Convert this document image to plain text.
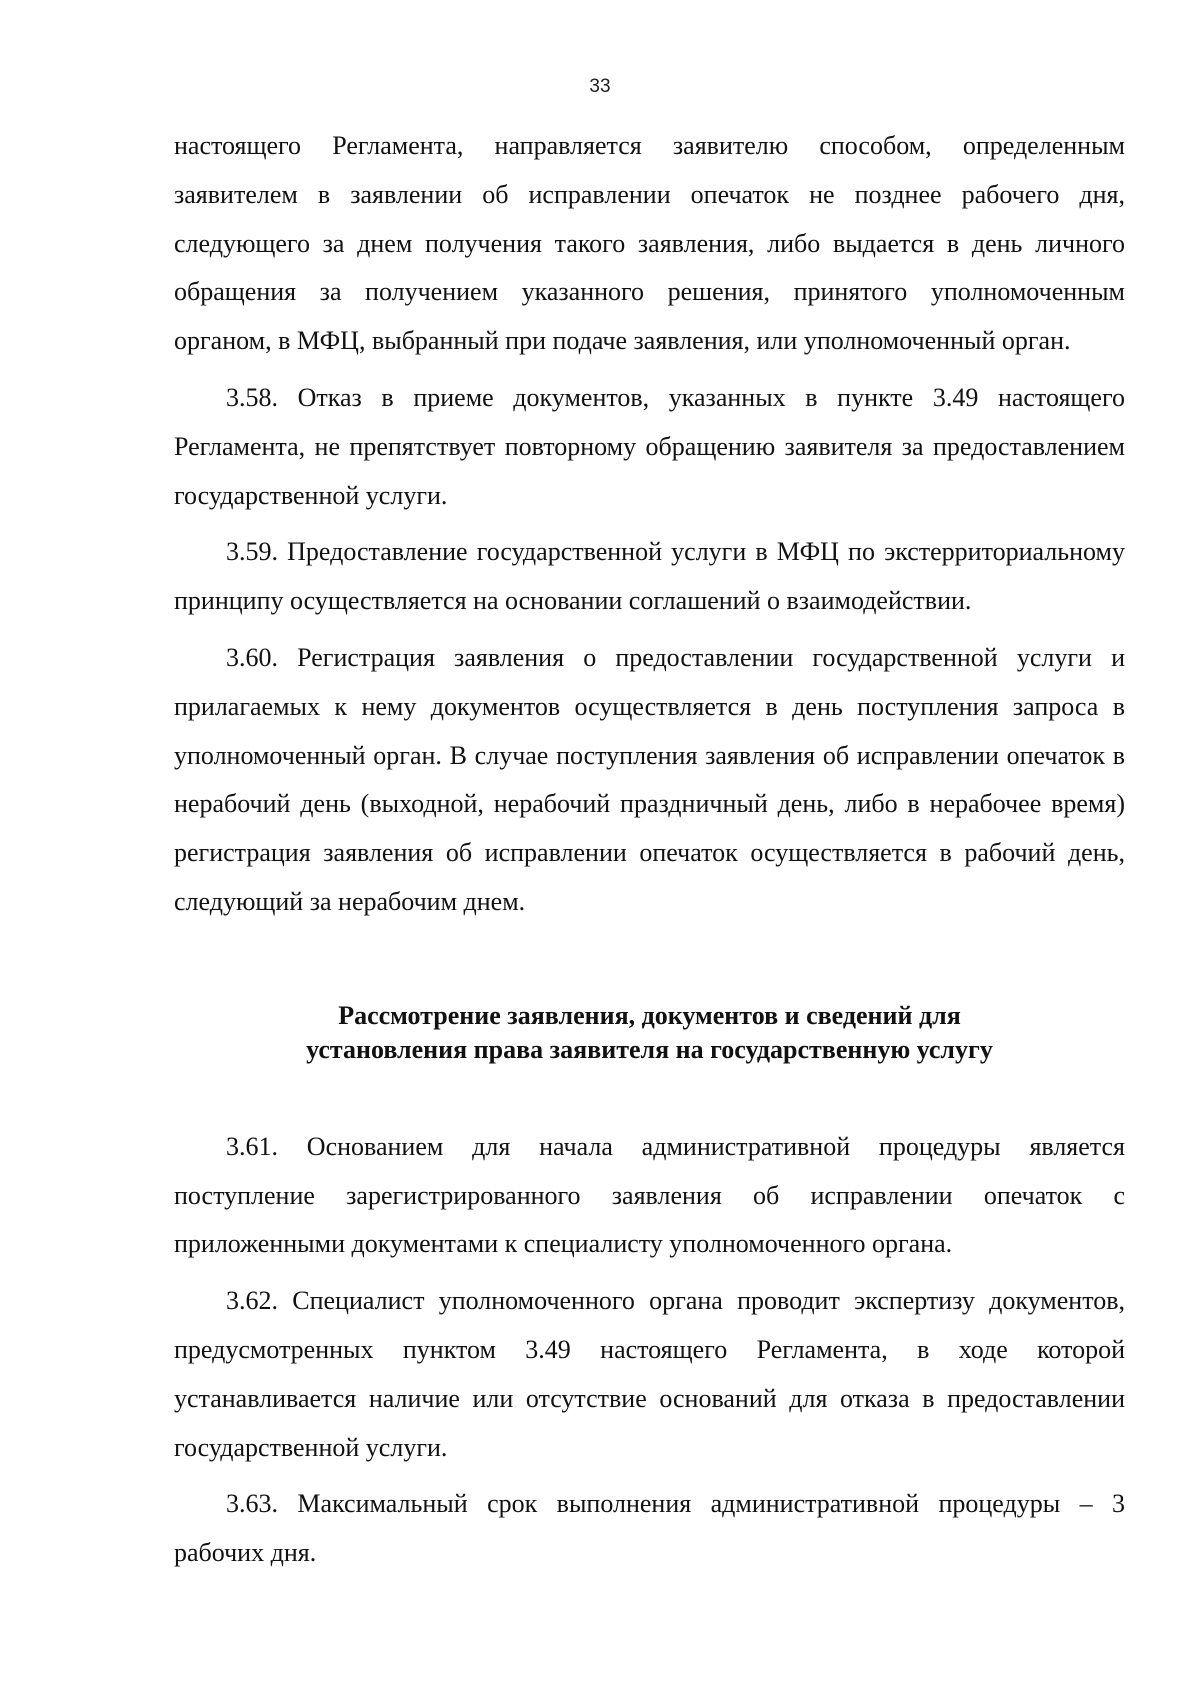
33

настоящего Регламента, направляется заявителю способом, определенным заявителем в заявлении об исправлении опечаток не позднее рабочего дня, следующего за днем получения такого заявления, либо выдается в день личного обращения за получением указанного решения, принятого уполномоченным органом, в МФЦ, выбранный при подаче заявления, или уполномоченный орган.

3.58. Отказ в приеме документов, указанных в пункте 3.49 настоящего Регламента, не препятствует повторному обращению заявителя за предоставлением государственной услуги.

3.59. Предоставление государственной услуги в МФЦ по экстерриториальному принципу осуществляется на основании соглашений о взаимодействии.

3.60. Регистрация заявления о предоставлении государственной услуги и прилагаемых к нему документов осуществляется в день поступления запроса в уполномоченный орган. В случае поступления заявления об исправлении опечаток в нерабочий день (выходной, нерабочий праздничный день, либо в нерабочее время) регистрация заявления об исправлении опечаток осуществляется в рабочий день, следующий за нерабочим днем.

Рассмотрение заявления, документов и сведений для
установления права заявителя на государственную услугу

3.61. Основанием для начала административной процедуры является поступление зарегистрированного заявления об исправлении опечаток с приложенными документами к специалисту уполномоченного органа.

3.62. Специалист уполномоченного органа проводит экспертизу документов, предусмотренных пунктом 3.49 настоящего Регламента, в ходе которой устанавливается наличие или отсутствие оснований для отказа в предоставлении государственной услуги.

3.63. Максимальный срок выполнения административной процедуры – 3 рабочих дня.
